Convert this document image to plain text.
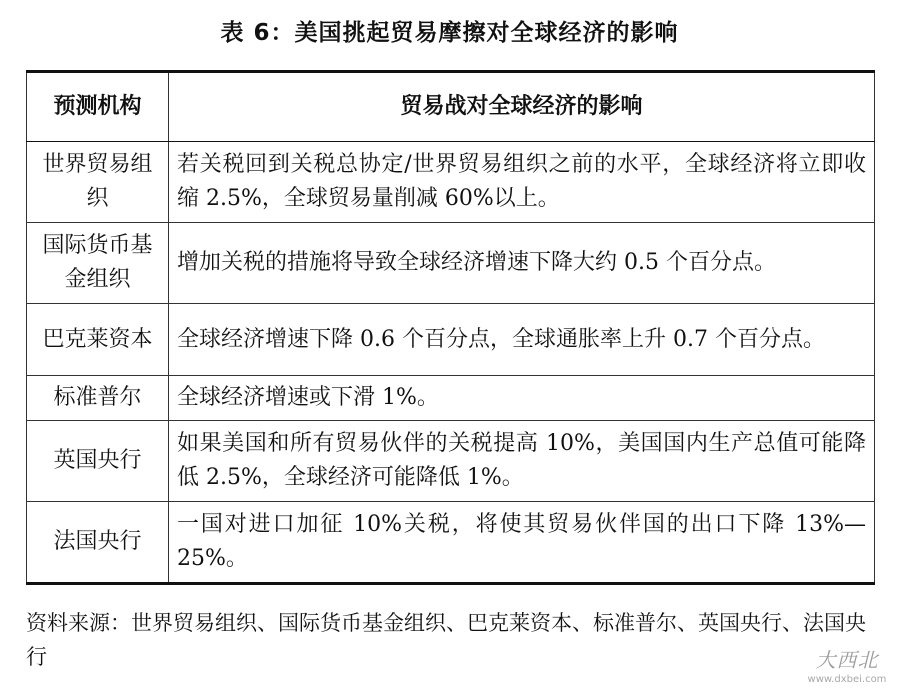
表 6：美国挑起贸易摩擦对全球经济的影响
预测机构	贸易战对全球经济的影响
世界贸易组织	若关税回到关税总协定/世界贸易组织之前的水平，全球经济将立即收缩 2.5%，全球贸易量削减 60%以上。
国际货币基金组织	增加关税的措施将导致全球经济增速下降大约 0.5 个百分点。
巴克莱资本	全球经济增速下降 0.6 个百分点，全球通胀率上升 0.7 个百分点。
标准普尔	全球经济增速或下滑 1%。
英国央行	如果美国和所有贸易伙伴的关税提高 10%，美国国内生产总值可能降低 2.5%，全球经济可能降低 1%。
法国央行	一国对进口加征 10%关税，将使其贸易伙伴国的出口下降 13%—25%。
资料来源：世界贸易组织、国际货币基金组织、巴克莱资本、标准普尔、英国央行、法国央行	大西北
www.dxbei.com
